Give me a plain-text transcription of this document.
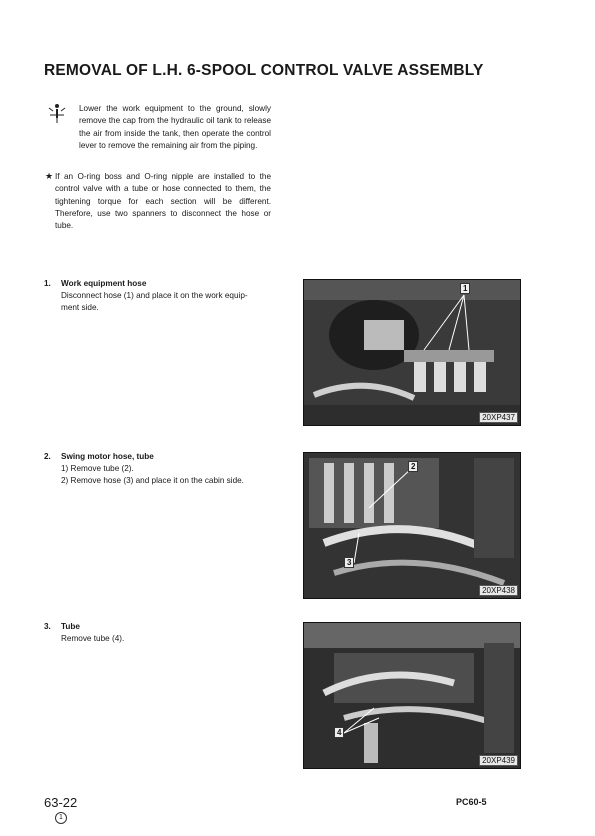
REMOVAL OF L.H. 6-SPOOL CONTROL VALVE ASSEMBLY
Lower the work equipment to the ground, slowly remove the cap from the hydraulic oil tank to release the air from inside the tank, then operate the control lever to remove the remaining air from the piping.
★ If an O-ring boss and O-ring nipple are installed to the control valve with a tube or hose connected to them, the tightening torque for each section will be different. Therefore, use two spanners to disconnect the hose or tube.
1. Work equipment hose
Disconnect hose (1) and place it on the work equip-
ment side.
1
20XP437
2. Swing motor hose, tube
1) Remove tube (2).
2) Remove hose (3) and place it on the cabin side.
2
3
20XP438
3. Tube
Remove tube (4).
4
20XP439
63-22
1
PC60-5
